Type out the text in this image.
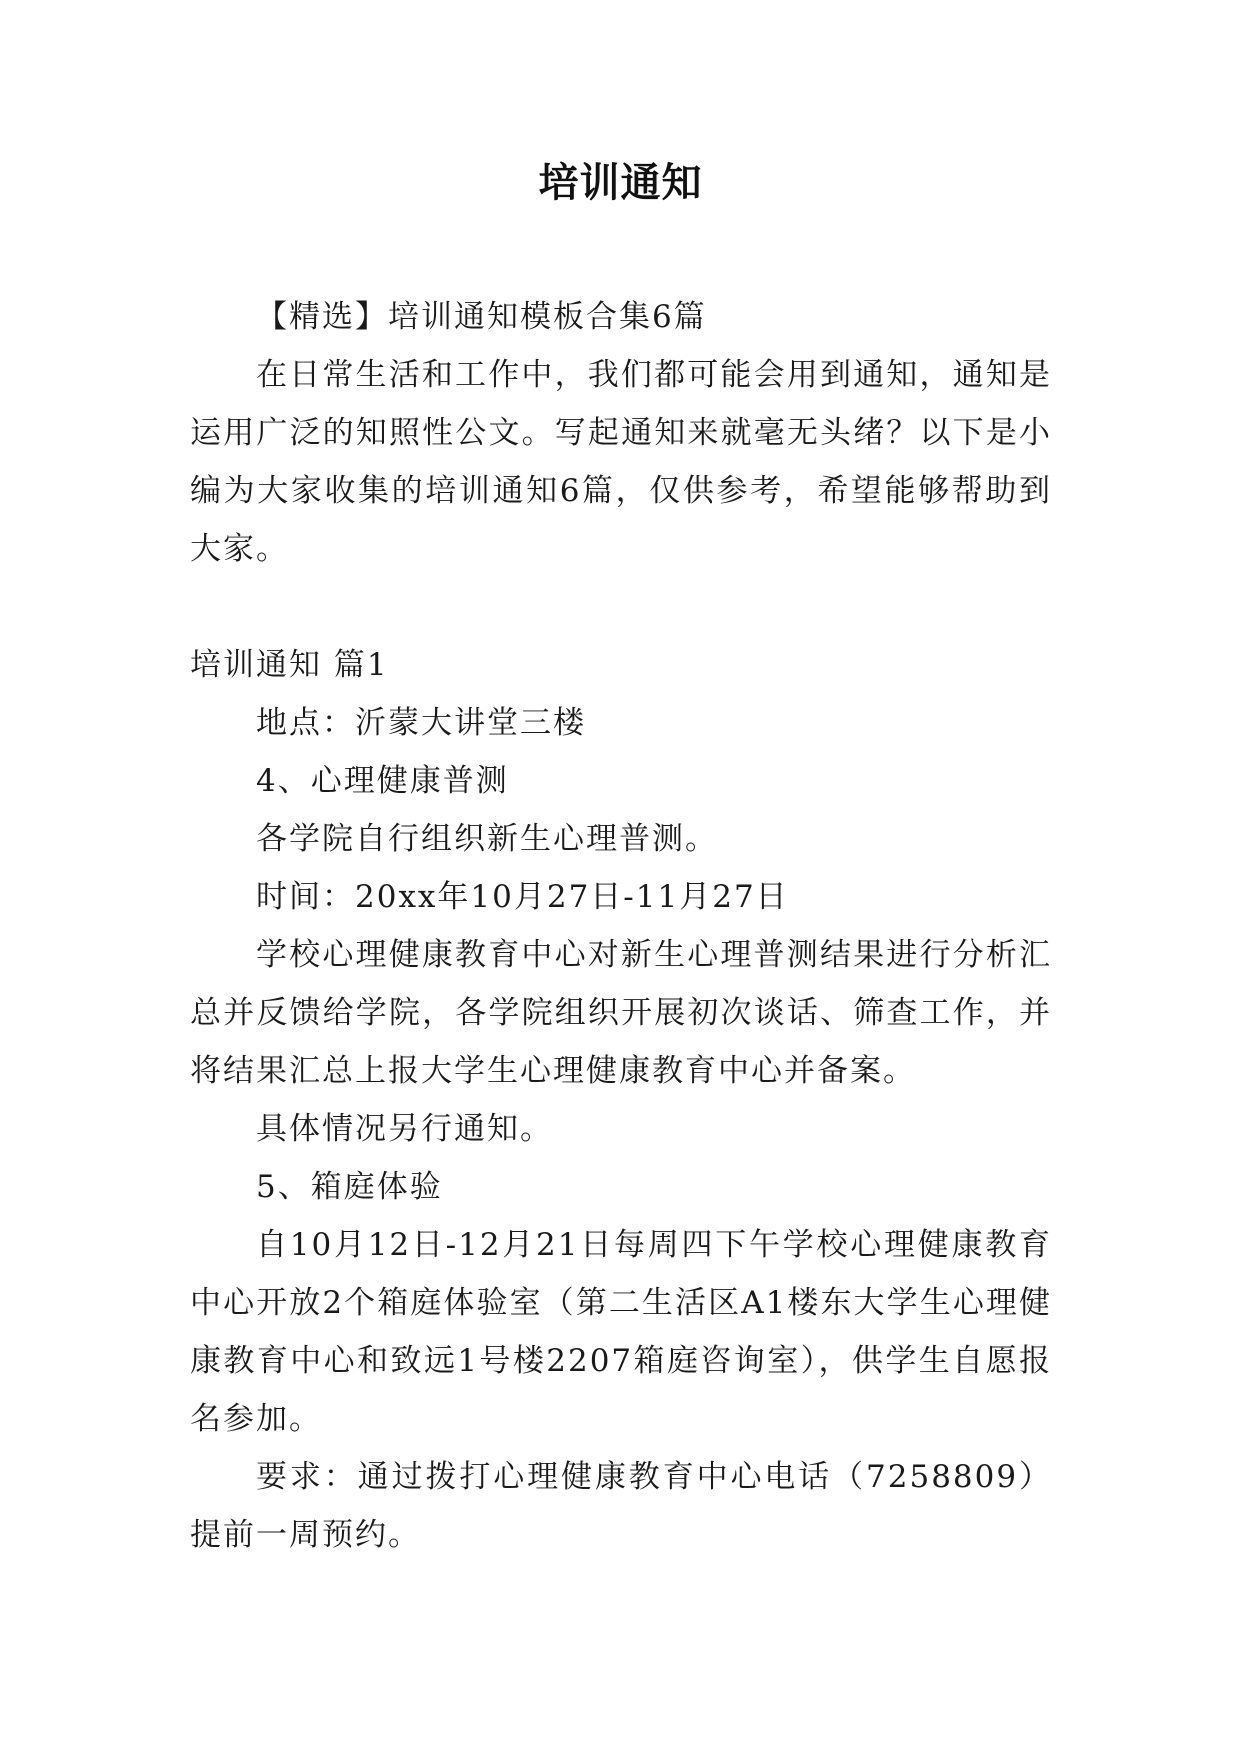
培训通知

【精选】培训通知模板合集6篇

在日常生活和工作中，我们都可能会用到通知，通知是运用广泛的知照性公文。写起通知来就毫无头绪？以下是小编为大家收集的培训通知6篇，仅供参考，希望能够帮助到大家。

培训通知 篇1

地点：沂蒙大讲堂三楼

4、心理健康普测

各学院自行组织新生心理普测。

时间：20xx年10月27日-11月27日

学校心理健康教育中心对新生心理普测结果进行分析汇总并反馈给学院，各学院组织开展初次谈话、筛查工作，并将结果汇总上报大学生心理健康教育中心并备案。

具体情况另行通知。

5、箱庭体验

自10月12日-12月21日每周四下午学校心理健康教育中心开放2个箱庭体验室（第二生活区A1楼东大学生心理健康教育中心和致远1号楼2207箱庭咨询室），供学生自愿报名参加。

要求：通过拨打心理健康教育中心电话（7258809）提前一周预约。
